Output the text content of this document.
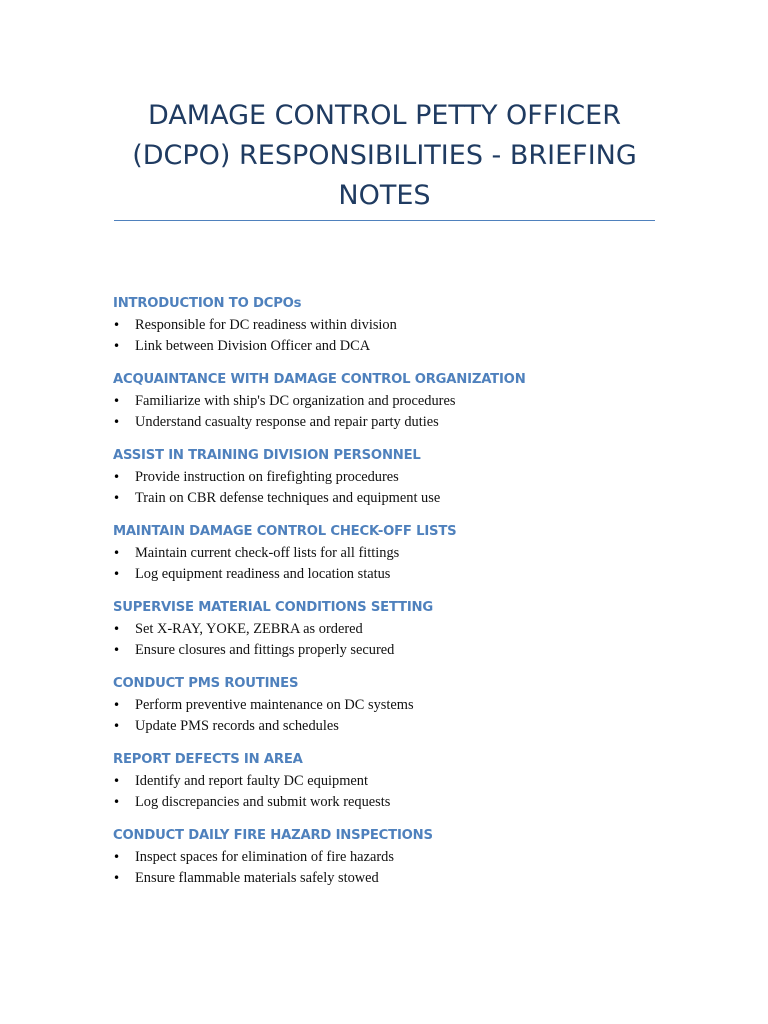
DAMAGE CONTROL PETTY OFFICER (DCPO) RESPONSIBILITIES - BRIEFING NOTES
INTRODUCTION TO DCPOs
• Responsible for DC readiness within division
• Link between Division Officer and DCA
ACQUAINTANCE WITH DAMAGE CONTROL ORGANIZATION
• Familiarize with ship's DC organization and procedures
• Understand casualty response and repair party duties
ASSIST IN TRAINING DIVISION PERSONNEL
• Provide instruction on firefighting procedures
• Train on CBR defense techniques and equipment use
MAINTAIN DAMAGE CONTROL CHECK-OFF LISTS
• Maintain current check-off lists for all fittings
• Log equipment readiness and location status
SUPERVISE MATERIAL CONDITIONS SETTING
• Set X-RAY, YOKE, ZEBRA as ordered
• Ensure closures and fittings properly secured
CONDUCT PMS ROUTINES
• Perform preventive maintenance on DC systems
• Update PMS records and schedules
REPORT DEFECTS IN AREA
• Identify and report faulty DC equipment
• Log discrepancies and submit work requests
CONDUCT DAILY FIRE HAZARD INSPECTIONS
• Inspect spaces for elimination of fire hazards
• Ensure flammable materials safely stowed
